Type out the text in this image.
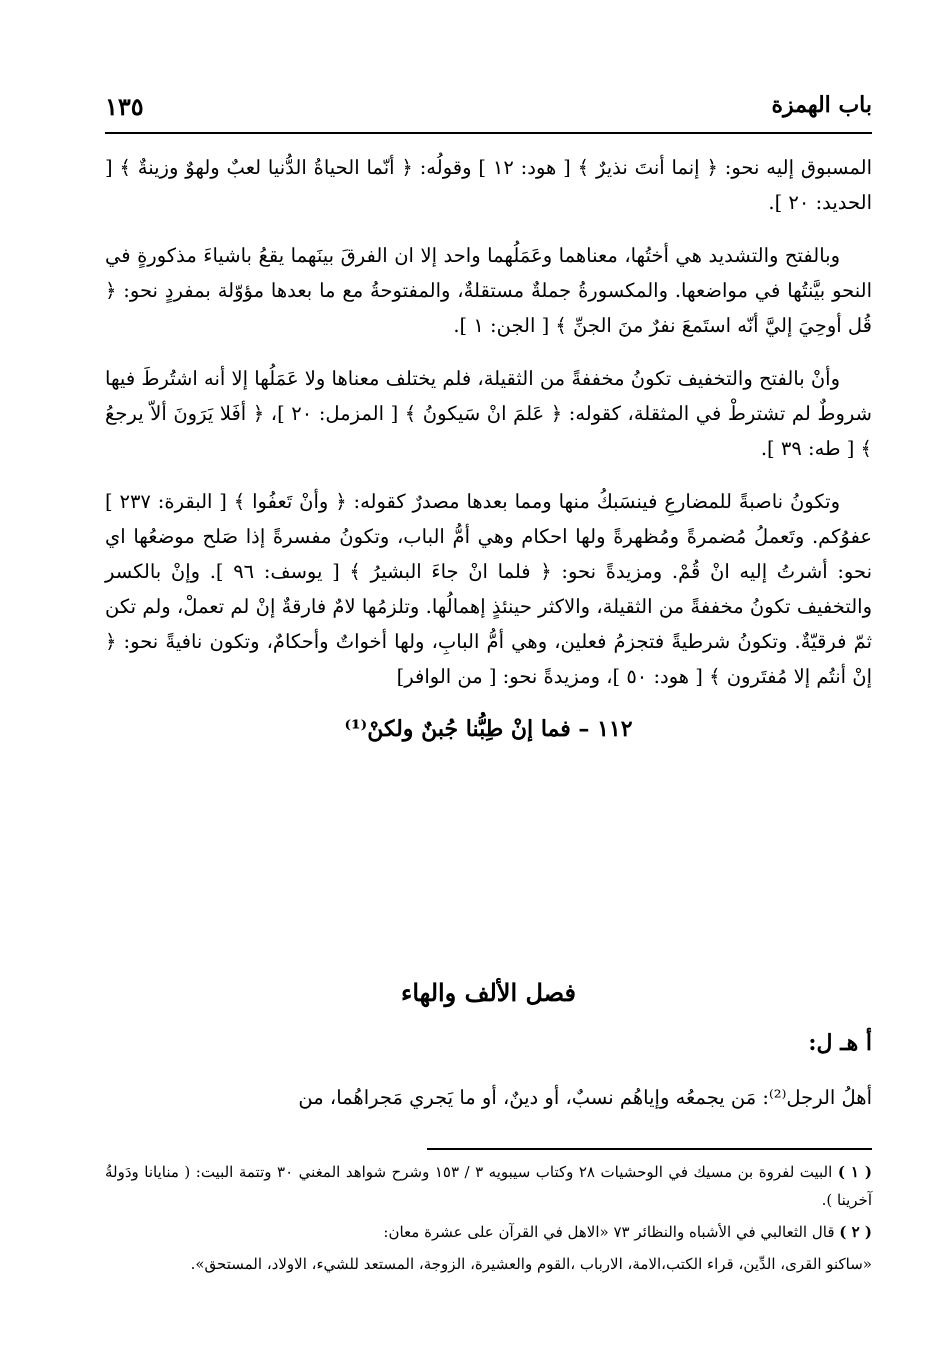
باب الهمزة
١٣٥

المسبوق إليه نحو: ﴿ إنما أنتَ نذيرٌ ﴾ [ هود: ١٢ ] وقولُه: ﴿ أنّما الحياةُ الدُّنيا لعبٌ ولهوٌ وزينةٌ ﴾ [ الحديد: ٢٠ ].

وبالفتح والتشديد هي أختُها، معناهما وعَمَلُهما واحد إلا ان الفرقَ بينَهما يقعُ باشياءَ مذكورةٍ في النحو بيَّنتُها في مواضعها. والمكسورةُ جملةٌ مستقلةٌ، والمفتوحةُ مع ما بعدها مؤوّلة بمفردٍ نحو: ﴿ قُل أوحِيَ إليَّ أنّه استَمعَ نفرٌ منَ الجنِّ ﴾ [ الجن: ١ ].

وأنْ بالفتح والتخفيف تكونُ مخففةً من الثقيلة، فلم يختلف معناها ولا عَمَلُها إلا أنه اشتُرطَ فيها شروطٌ لم تشترطْ في المثقلة، كقوله: ﴿ عَلمَ انْ سَيكونُ ﴾ [ المزمل: ٢٠ ]، ﴿ أفَلا يَرَونَ ألاّ يرجعُ ﴾ [ طه: ٣٩ ].

وتكونُ ناصبةً للمضارعِ فينسَبكُ منها ومما بعدها مصدرٌ كقوله: ﴿ وأنْ تَعفُوا ﴾ [ البقرة: ٢٣٧ ] عفوُكم. وتَعملُ مُضمرةً ومُظهرةً ولها احكام وهي أمُّ الباب، وتكونُ مفسرةً إذا صَلح موضعُها اي نحو: أشرتُ إليه انْ قُمْ. ومزيدةً نحو: ﴿ فلما انْ جاءَ البشيرُ ﴾ [ يوسف: ٩٦ ]. وإنْ بالكسر والتخفيف تكونُ مخففةً من الثقيلة، والاكثر حينئذٍ إهمالُها. وتلزمُها لامٌ فارقةٌ إنْ لم تعملْ، ولم تكن ثمّ فرقيّةٌ. وتكونُ شرطيةً فتجزمُ فعلين، وهي أمُّ البابِ، ولها أخواتٌ وأحكامٌ، وتكون نافيةً نحو: ﴿ إنْ أنتُم إلا مُفتَرون ﴾ [ هود: ٥٠ ]، ومزيدةً نحو: [ من الوافر]

١١٢ – فما إنْ طِبُّنا جُبنٌ ولكنْ⁽¹⁾
فصل الألف والهاء
أ هـ ل:
أهلُ الرجل⁽²⁾: مَن يجمعُه وإياهُم نسبٌ، أو دينٌ، أو ما يَجري مَجراهُما، من

( ١ ) البيت لفروة بن مسيك في الوحشيات ٢٨ وكتاب سيبويه ٣ / ١٥٣ وشرح شواهد المغني ٣٠ وتتمة البيت: ( منايانا ودَولةُ آخرينا ).

( ٢ ) قال الثعالبي في الأشباه والنظائر ٧٣ «الاهل في القرآن على عشرة معان:

«ساكنو القرى، الدِّين، قراء الكتب،الامة، الارباب ،القوم والعشيرة، الزوجة، المستعد للشيء، الاولاد، المستحق».
